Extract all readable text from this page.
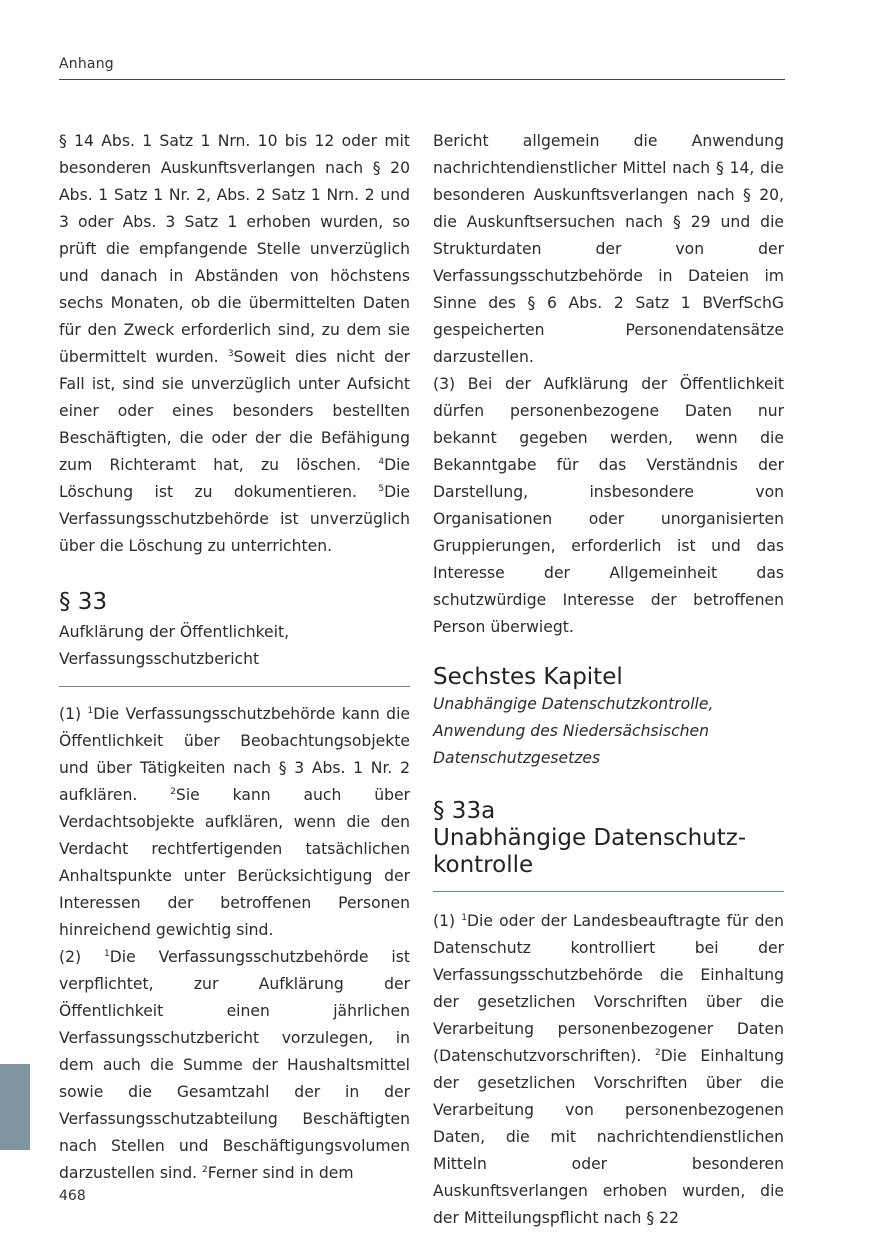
Anhang

§ 14 Abs. 1 Satz 1 Nrn. 10 bis 12 oder mit besonderen Auskunftsverlangen nach § 20 Abs. 1 Satz 1 Nr. 2, Abs. 2 Satz 1 Nrn. 2 und 3 oder Abs. 3 Satz 1 erhoben wurden, so prüft die empfangende Stelle unverzüglich und danach in Abständen von höchstens sechs Monaten, ob die übermittelten Daten für den Zweck erforderlich sind, zu dem sie übermittelt wurden. $^3$Soweit dies nicht der Fall ist, sind sie unverzüglich unter Aufsicht einer oder eines besonders bestellten Beschäftigten, die oder der die Befähigung zum Richteramt hat, zu löschen. $^4$Die Löschung ist zu dokumentieren. $^5$Die Verfassungsschutzbehörde ist unverzüglich über die Löschung zu unterrichten.

§ 33

Aufklärung der Öffentlichkeit, Verfassungsschutzbericht

(1) $^1$Die Verfassungsschutzbehörde kann die Öffentlichkeit über Beobachtungsobjekte und über Tätigkeiten nach § 3 Abs. 1 Nr. 2 aufklären. $^2$Sie kann auch über Verdachtsobjekte aufklären, wenn die den Verdacht rechtfertigenden tatsächlichen Anhaltspunkte unter Berücksichtigung der Interessen der betroffenen Personen hinreichend gewichtig sind.

(2) $^1$Die Verfassungsschutzbehörde ist verpflichtet, zur Aufklärung der Öffentlichkeit einen jährlichen Verfassungsschutzbericht vorzulegen, in dem auch die Summe der Haushaltsmittel sowie die Gesamtzahl der in der Verfassungsschutzabteilung Beschäftigten nach Stellen und Beschäftigungsvolumen darzustellen sind. $^2$Ferner sind in dem

Bericht allgemein die Anwendung nachrichtendienstlicher Mittel nach § 14, die besonderen Auskunftsverlangen nach § 20, die Auskunftsersuchen nach § 29 und die Strukturdaten der von der Verfassungsschutzbehörde in Dateien im Sinne des § 6 Abs. 2 Satz 1 BVerfSchG gespeicherten Personendatensätze darzustellen.

(3) Bei der Aufklärung der Öffentlichkeit dürfen personenbezogene Daten nur bekannt gegeben werden, wenn die Bekanntgabe für das Verständnis der Darstellung, insbesondere von Organisationen oder unorganisierten Gruppierungen, erforderlich ist und das Interesse der Allgemeinheit das schutzwürdige Interesse der betroffenen Person überwiegt.

Sechstes Kapitel

Unabhängige Datenschutzkontrolle,

Anwendung des Niedersächsischen

Datenschutzgesetzes

§ 33a

Unabhängige Datenschutz-

kontrolle

(1) $^1$Die oder der Landesbeauftragte für den Datenschutz kontrolliert bei der Verfassungsschutzbehörde die Einhaltung der gesetzlichen Vorschriften über die Verarbeitung personenbezogener Daten (Datenschutzvorschriften). $^2$Die Einhaltung der gesetzlichen Vorschriften über die Verarbeitung von personenbezogenen Daten, die mit nachrichtendienstlichen Mitteln oder besonderen Auskunftsverlangen erhoben wurden, die der Mitteilungspflicht nach § 22

468
